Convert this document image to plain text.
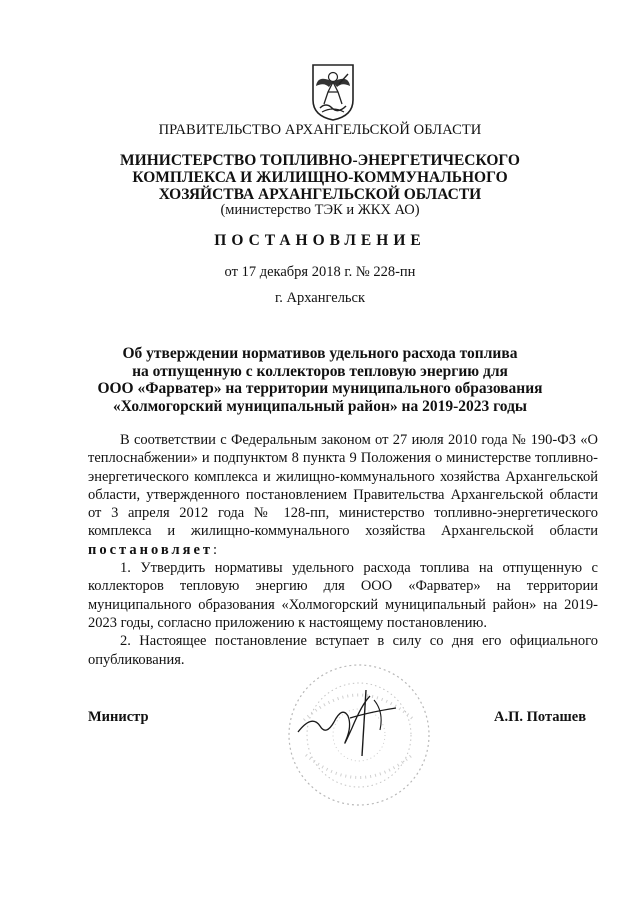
ПРАВИТЕЛЬСТВО АРХАНГЕЛЬСКОЙ ОБЛАСТИ
МИНИСТЕРСТВО ТОПЛИВНО-ЭНЕРГЕТИЧЕСКОГО
КОМПЛЕКСА И ЖИЛИЩНО-КОММУНАЛЬНОГО
ХОЗЯЙСТВА АРХАНГЕЛЬСКОЙ ОБЛАСТИ
(министерство ТЭК и ЖКХ АО)
ПОСТАНОВЛЕНИЕ
от 17 декабря 2018 г. № 228-пн
г. Архангельск
Об утверждении нормативов удельного расхода топлива
на отпущенную с коллекторов тепловую энергию для
ООО «Фарватер» на территории муниципального образования
«Холмогорский муниципальный район» на 2019-2023 годы

В соответствии с Федеральным законом от 27 июля 2010 года № 190-ФЗ «О теплоснабжении» и подпунктом 8 пункта 9 Положения о министерстве топливно-энергетического комплекса и жилищно-коммунального хозяйства Архангельской области, утвержденного постановлением Правительства Архангельской области от 3 апреля 2012 года № 128-пп, министерство топливно-энергетического комплекса и жилищно-коммунального хозяйства Архангельской области постановляет:

1. Утвердить нормативы удельного расхода топлива на отпущенную с коллекторов тепловую энергию для ООО «Фарватер» на территории муниципального образования «Холмогорский муниципальный район» на 2019-2023 годы, согласно приложению к настоящему постановлению.

2. Настоящее постановление вступает в силу со дня его официального опубликования.

Министр	А.П. Поташев
